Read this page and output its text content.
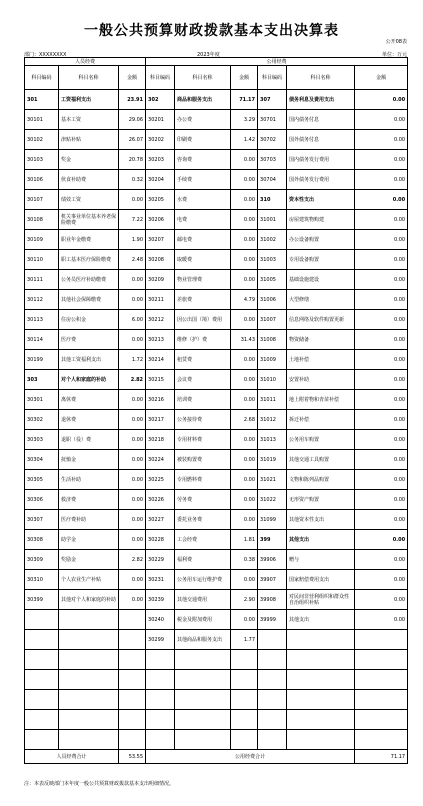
一般公共预算财政拨款基本支出决算表
公开08表
部门：XXXXXXXX	2023年度	单位：万元
人员经费			公用经费					
科目编码	科目名称	金额	科目编码	科目名称	金额	科目编码	科目名称	金额
301	工资福利支出	23.91	302	商品和服务支出	71.17	307	债务利息及费用支出	0.00
30101	基本工资	29.06	30201	办公费	3.29	30701	国内债务付息	0.00
30102	津贴补贴	26.07	30202	印刷费	1.42	30702	国外债务付息	0.00
30103	奖金	20.78	30203	咨询费	0.00	30703	国内债务发行费用	0.00
30106	伙食补助费	0.32	30204	手续费	0.00	30704	国外债务发行费用	0.00
30107	绩效工资	0.00	30205	水费	0.00	310	资本性支出	0.00
30108	机关事业单位基本养老保险缴费	7.22	30206	电费	0.00	31001	房屋建筑物购建	0.00
30109	职业年金缴费	1.90	30207	邮电费	0.00	31002	办公设备购置	0.00
30110	职工基本医疗保险缴费	2.48	30208	取暖费	0.00	31003	专用设备购置	0.00
30111	公务员医疗补助缴费	0.00	30209	物业管理费	0.00	31005	基础设施建设	0.00
30112	其他社会保障缴费	0.00	30211	差旅费	4.79	31006	大型修缮	0.00
30113	住房公积金	6.00	30212	因公出国（境）费用	0.00	31007	信息网络及软件购置更新	0.00
30114	医疗费	0.00	30213	维修（护）费	31.43	31008	物资储备	0.00
30199	其他工资福利支出	1.72	30214	租赁费	0.00	31009	土地补偿	0.00
303	对个人和家庭的补助	2.82	30215	会议费	0.00	31010	安置补助	0.00
30301	离休费	0.00	30216	培训费	0.00	31011	地上附着物和青苗补偿	0.00
30302	退休费	0.00	30217	公务接待费	2.68	31012	拆迁补偿	0.00
30303	退职（役）费	0.00	30218	专用材料费	0.00	31013	公务用车购置	0.00
30304	抚恤金	0.00	30224	被装购置费	0.00	31019	其他交通工具购置	0.00
30305	生活补助	0.00	30225	专用燃料费	0.00	31021	文物和陈列品购置	0.00
30306	救济费	0.00	30226	劳务费	0.00	31022	无形资产购置	0.00
30307	医疗费补助	0.00	30227	委托业务费	0.00	31099	其他资本性支出	0.00
30308	助学金	0.00	30228	工会经费	1.81	399	其他支出	0.00
30309	奖励金	2.82	30229	福利费	0.38	39906	赠与	0.00
30310	个人农业生产补贴	0.00	30231	公务用车运行维护费	0.00	39907	国家赔偿费用支出	0.00
30399	其他对个人和家庭的补助	0.00	30239	其他交通费用	2.90	39908	对民间非营利组织和群众性自治组织补贴	0.00
			30240	税金及附加费用	0.00	39999	其他支出	0.00
			30299	其他商品和服务支出	1.77			

人员经费合计		53.55	公用经费合计					71.17
注：本表反映部门本年度一般公共预算财政拨款基本支出明细情况。
